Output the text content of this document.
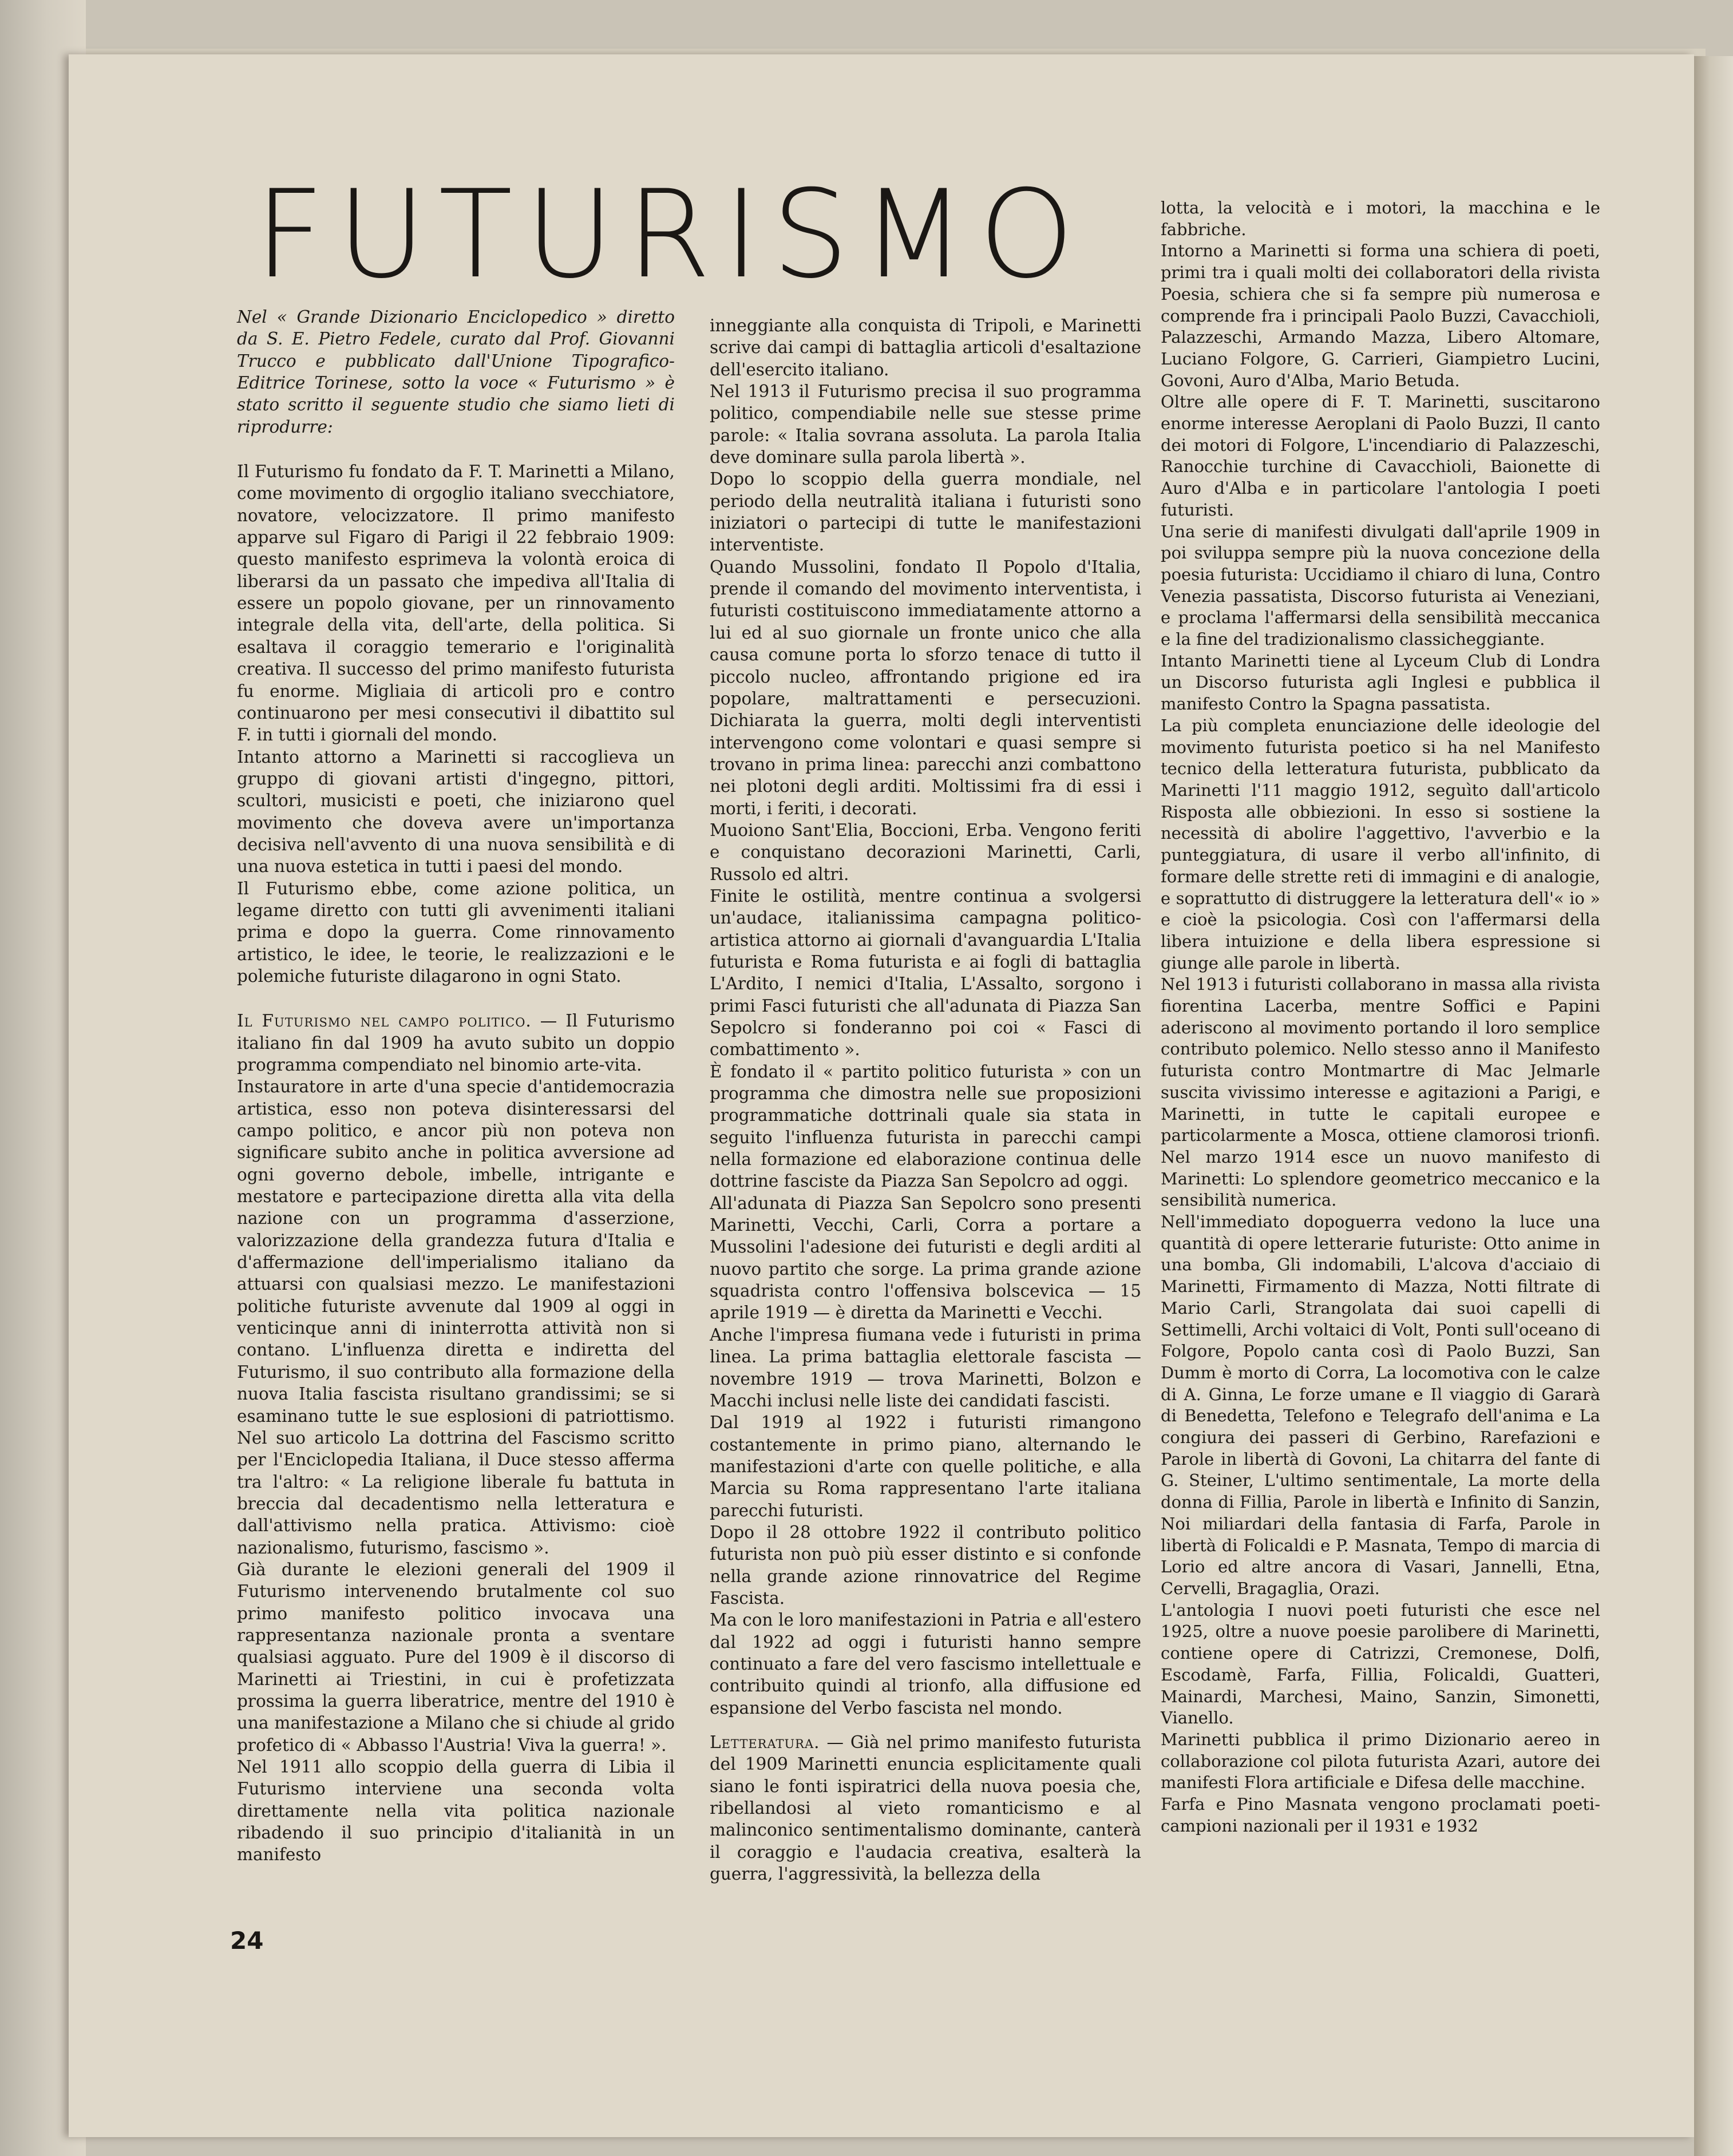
FUTURISMO

Nel « Grande Dizionario Enciclopedico » diretto da S. E. Pietro Fedele, curato dal Prof. Giovanni Trucco e pubblicato dall'Unione Tipografico-Editrice Torinese, sotto la voce « Futurismo » è stato scritto il seguente studio che siamo lieti di riprodurre:

Il Futurismo fu fondato da F. T. Marinetti a Milano, come movimento di orgoglio italiano svecchiatore, novatore, velocizzatore. Il primo manifesto apparve sul Figaro di Parigi il 22 febbraio 1909: questo manifesto esprimeva la volontà eroica di liberarsi da un passato che impediva all'Italia di essere un popolo giovane, per un rinnovamento integrale della vita, dell'arte, della politica. Si esaltava il coraggio temerario e l'originalità creativa. Il successo del primo manifesto futurista fu enorme. Migliaia di articoli pro e contro continuarono per mesi consecutivi il dibattito sul F. in tutti i giornali del mondo.

Intanto attorno a Marinetti si raccoglieva un gruppo di giovani artisti d'ingegno, pittori, scultori, musicisti e poeti, che iniziarono quel movimento che doveva avere un'importanza decisiva nell'avvento di una nuova sensibilità e di una nuova estetica in tutti i paesi del mondo.

Il Futurismo ebbe, come azione politica, un legame diretto con tutti gli avvenimenti italiani prima e dopo la guerra. Come rinnovamento artistico, le idee, le teorie, le realizzazioni e le polemiche futuriste dilagarono in ogni Stato.

Il Futurismo nel campo politico. — Il Futurismo italiano fin dal 1909 ha avuto subito un doppio programma compendiato nel binomio arte-vita.

Instauratore in arte d'una specie d'antidemocrazia artistica, esso non poteva disinteressarsi del campo politico, e ancor più non poteva non significare subito anche in politica avversione ad ogni governo debole, imbelle, intrigante e mestatore e partecipazione diretta alla vita della nazione con un programma d'asserzione, valorizzazione della grandezza futura d'Italia e d'affermazione dell'imperialismo italiano da attuarsi con qualsiasi mezzo. Le manifestazioni politiche futuriste avvenute dal 1909 al oggi in venticinque anni di ininterrotta attività non si contano. L'influenza diretta e indiretta del Futurismo, il suo contributo alla formazione della nuova Italia fascista risultano grandissimi; se si esaminano tutte le sue esplosioni di patriottismo. Nel suo articolo La dottrina del Fascismo scritto per l'Enciclopedia Italiana, il Duce stesso afferma tra l'altro: « La religione liberale fu battuta in breccia dal decadentismo nella letteratura e dall'attivismo nella pratica. Attivismo: cioè nazionalismo, futurismo, fascismo ».

Già durante le elezioni generali del 1909 il Futurismo intervenendo brutalmente col suo primo manifesto politico invocava una rappresentanza nazionale pronta a sventare qualsiasi agguato. Pure del 1909 è il discorso di Marinetti ai Triestini, in cui è profetizzata prossima la guerra liberatrice, mentre del 1910 è una manifestazione a Milano che si chiude al grido profetico di « Abbasso l'Austria! Viva la guerra! ».

Nel 1911 allo scoppio della guerra di Libia il Futurismo interviene una seconda volta direttamente nella vita politica nazionale ribadendo il suo principio d'italianità in un manifesto

inneggiante alla conquista di Tripoli, e Marinetti scrive dai campi di battaglia articoli d'esaltazione dell'esercito italiano.

Nel 1913 il Futurismo precisa il suo programma politico, compendiabile nelle sue stesse prime parole: « Italia sovrana assoluta. La parola Italia deve dominare sulla parola libertà ».

Dopo lo scoppio della guerra mondiale, nel periodo della neutralità italiana i futuristi sono iniziatori o partecipi di tutte le manifestazioni interventiste.

Quando Mussolini, fondato Il Popolo d'Italia, prende il comando del movimento interventista, i futuristi costituiscono immediatamente attorno a lui ed al suo giornale un fronte unico che alla causa comune porta lo sforzo tenace di tutto il piccolo nucleo, affrontando prigione ed ira popolare, maltrattamenti e persecuzioni. Dichiarata la guerra, molti degli interventisti intervengono come volontari e quasi sempre si trovano in prima linea: parecchi anzi combattono nei plotoni degli arditi. Moltissimi fra di essi i morti, i feriti, i decorati.

Muoiono Sant'Elia, Boccioni, Erba. Vengono feriti e conquistano decorazioni Marinetti, Carli, Russolo ed altri.

Finite le ostilità, mentre continua a svolgersi un'audace, italianissima campagna politico-artistica attorno ai giornali d'avanguardia L'Italia futurista e Roma futurista e ai fogli di battaglia L'Ardito, I nemici d'Italia, L'Assalto, sorgono i primi Fasci futuristi che all'adunata di Piazza San Sepolcro si fonderanno poi coi « Fasci di combattimento ».

È fondato il « partito politico futurista » con un programma che dimostra nelle sue proposizioni programmatiche dottrinali quale sia stata in seguito l'influenza futurista in parecchi campi nella formazione ed elaborazione continua delle dottrine fasciste da Piazza San Sepolcro ad oggi.

All'adunata di Piazza San Sepolcro sono presenti Marinetti, Vecchi, Carli, Corra a portare a Mussolini l'adesione dei futuristi e degli arditi al nuovo partito che sorge. La prima grande azione squadrista contro l'offensiva bolscevica — 15 aprile 1919 — è diretta da Marinetti e Vecchi.

Anche l'impresa fiumana vede i futuristi in prima linea. La prima battaglia elettorale fascista — novembre 1919 — trova Marinetti, Bolzon e Macchi inclusi nelle liste dei candidati fascisti.

Dal 1919 al 1922 i futuristi rimangono costantemente in primo piano, alternando le manifestazioni d'arte con quelle politiche, e alla Marcia su Roma rappresentano l'arte italiana parecchi futuristi.

Dopo il 28 ottobre 1922 il contributo politico futurista non può più esser distinto e si confonde nella grande azione rinnovatrice del Regime Fascista.

Ma con le loro manifestazioni in Patria e all'estero dal 1922 ad oggi i futuristi hanno sempre continuato a fare del vero fascismo intellettuale e contribuito quindi al trionfo, alla diffusione ed espansione del Verbo fascista nel mondo.

Letteratura. — Già nel primo manifesto futurista del 1909 Marinetti enuncia esplicitamente quali siano le fonti ispiratrici della nuova poesia che, ribellandosi al vieto romanticismo e al malinconico sentimentalismo dominante, canterà il coraggio e l'audacia creativa, esalterà la guerra, l'aggressività, la bellezza della

lotta, la velocità e i motori, la macchina e le fabbriche.

Intorno a Marinetti si forma una schiera di poeti, primi tra i quali molti dei collaboratori della rivista Poesia, schiera che si fa sempre più numerosa e comprende fra i principali Paolo Buzzi, Cavacchioli, Palazzeschi, Armando Mazza, Libero Altomare, Luciano Folgore, G. Carrieri, Giampietro Lucini, Govoni, Auro d'Alba, Mario Betuda.

Oltre alle opere di F. T. Marinetti, suscitarono enorme interesse Aeroplani di Paolo Buzzi, Il canto dei motori di Folgore, L'incendiario di Palazzeschi, Ranocchie turchine di Cavacchioli, Baionette di Auro d'Alba e in particolare l'antologia I poeti futuristi.

Una serie di manifesti divulgati dall'aprile 1909 in poi sviluppa sempre più la nuova concezione della poesia futurista: Uccidiamo il chiaro di luna, Contro Venezia passatista, Discorso futurista ai Veneziani, e proclama l'affermarsi della sensibilità meccanica e la fine del tradizionalismo classicheggiante.

Intanto Marinetti tiene al Lyceum Club di Londra un Discorso futurista agli Inglesi e pubblica il manifesto Contro la Spagna passatista.

La più completa enunciazione delle ideologie del movimento futurista poetico si ha nel Manifesto tecnico della letteratura futurista, pubblicato da Marinetti l'11 maggio 1912, seguìto dall'articolo Risposta alle obbiezioni. In esso si sostiene la necessità di abolire l'aggettivo, l'avverbio e la punteggiatura, di usare il verbo all'infinito, di formare delle strette reti di immagini e di analogie, e soprattutto di distruggere la letteratura dell'« io » e cioè la psicologia. Così con l'affermarsi della libera intuizione e della libera espressione si giunge alle parole in libertà.

Nel 1913 i futuristi collaborano in massa alla rivista fiorentina Lacerba, mentre Soffici e Papini aderiscono al movimento portando il loro semplice contributo polemico. Nello stesso anno il Manifesto futurista contro Montmartre di Mac Jelmarle suscita vivissimo interesse e agitazioni a Parigi, e Marinetti, in tutte le capitali europee e particolarmente a Mosca, ottiene clamorosi trionfi. Nel marzo 1914 esce un nuovo manifesto di Marinetti: Lo splendore geometrico meccanico e la sensibilità numerica.

Nell'immediato dopoguerra vedono la luce una quantità di opere letterarie futuriste: Otto anime in una bomba, Gli indomabili, L'alcova d'acciaio di Marinetti, Firmamento di Mazza, Notti filtrate di Mario Carli, Strangolata dai suoi capelli di Settimelli, Archi voltaici di Volt, Ponti sull'oceano di Folgore, Popolo canta così di Paolo Buzzi, San Dumm è morto di Corra, La locomotiva con le calze di A. Ginna, Le forze umane e Il viaggio di Gararà di Benedetta, Telefono e Telegrafo dell'anima e La congiura dei passeri di Gerbino, Rarefazioni e Parole in libertà di Govoni, La chitarra del fante di G. Steiner, L'ultimo sentimentale, La morte della donna di Fillia, Parole in libertà e Infinito di Sanzin, Noi miliardari della fantasia di Farfa, Parole in libertà di Folicaldi e P. Masnata, Tempo di marcia di Lorio ed altre ancora di Vasari, Jannelli, Etna, Cervelli, Bragaglia, Orazi.

L'antologia I nuovi poeti futuristi che esce nel 1925, oltre a nuove poesie parolibere di Marinetti, contiene opere di Catrizzi, Cremonese, Dolfi, Escodamè, Farfa, Fillia, Folicaldi, Guatteri, Mainardi, Marchesi, Maino, Sanzin, Simonetti, Vianello.

Marinetti pubblica il primo Dizionario aereo in collaborazione col pilota futurista Azari, autore dei manifesti Flora artificiale e Difesa delle macchine.

Farfa e Pino Masnata vengono proclamati poeti-campioni nazionali per il 1931 e 1932

24
